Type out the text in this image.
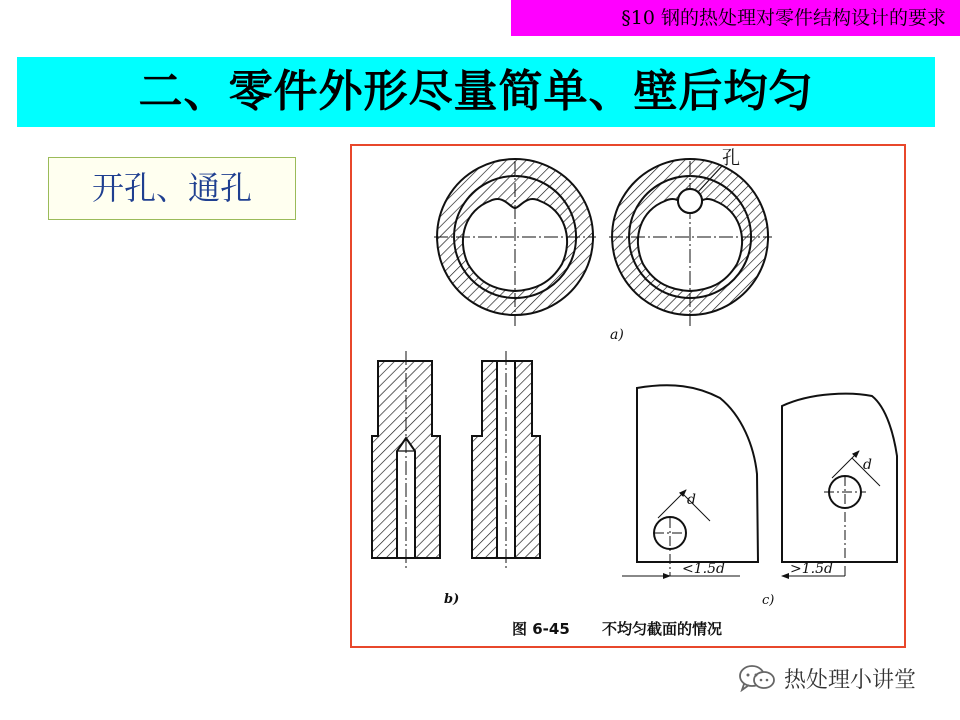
§10 钢的热处理对零件结构设计的要求
二、零件外形尽量简单、壁后均匀
开孔、通孔
孔
a)
b)
d
<1.5d
d
>1.5d
c)
图 6-45 不均匀截面的情况
热处理小讲堂
